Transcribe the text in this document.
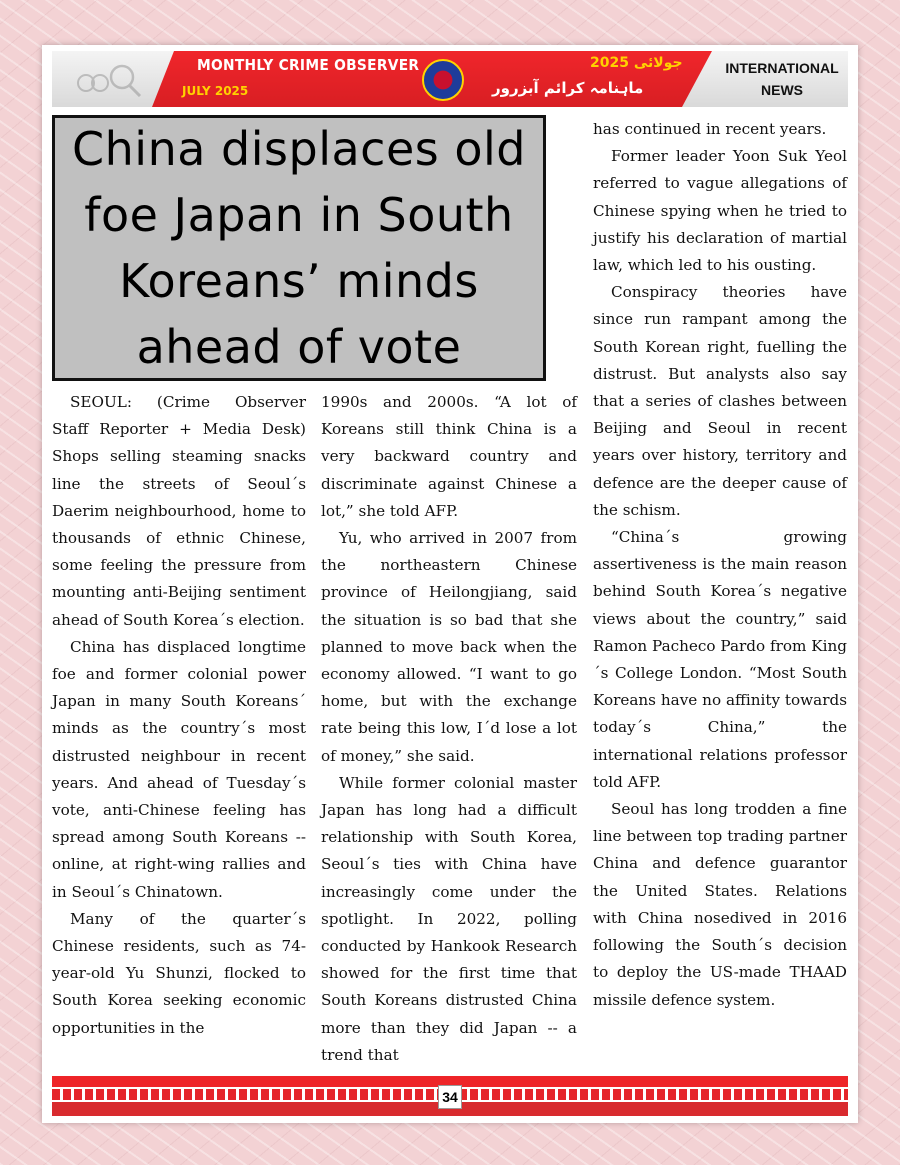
MONTHLY CRIME OBSERVER
JULY 2025
جولائی 2025
ماہنامہ کرائم آبزرور
INTERNATIONAL
NEWS
China displaces old foe Japan in South Koreans’ minds ahead of vote

SEOUL: (Crime Observer Staff Reporter + Media Desk) Shops selling steaming snacks line the streets of Seoul´s Daerim neighbourhood, home to thousands of ethnic Chinese, some feeling the pressure from mounting anti-Beijing sentiment ahead of South Korea´s election.

China has displaced longtime foe and former colonial power Japan in many South Koreans´ minds as the country´s most distrusted neighbour in recent years. And ahead of Tuesday´s vote, anti-Chinese feeling has spread among South Koreans -- online, at right-wing rallies and in Seoul´s Chinatown.

Many of the quarter´s Chinese residents, such as 74-year-old Yu Shunzi, flocked to South Korea seeking economic opportunities in the

1990s and 2000s. “A lot of Koreans still think China is a very backward country and discriminate against Chinese a lot,” she told AFP.

Yu, who arrived in 2007 from the northeastern Chinese province of Heilongjiang, said the situation is so bad that she planned to move back when the economy allowed. “I want to go home, but with the exchange rate being this low, I´d lose a lot of money,” she said.

While former colonial master Japan has long had a difficult relationship with South Korea, Seoul´s ties with China have increasingly come under the spotlight. In 2022, polling conducted by Hankook Research showed for the first time that South Koreans distrusted China more than they did Japan -- a trend that

has continued in recent years.

Former leader Yoon Suk Yeol referred to vague allegations of Chinese spying when he tried to justify his declaration of martial law, which led to his ousting.

Conspiracy theories have since run rampant among the South Korean right, fuelling the distrust. But analysts also say that a series of clashes between Beijing and Seoul in recent years over history, territory and defence are the deeper cause of the schism.

“China´s growing assertiveness is the main reason behind South Korea´s negative views about the country,” said Ramon Pacheco Pardo from King´s College London. “Most South Koreans have no affinity towards today´s China,” the international relations professor told AFP.

Seoul has long trodden a fine line between top trading partner China and defence guarantor the United States. Relations with China nosedived in 2016 following the South´s decision to deploy the US-made THAAD missile defence system.

34
